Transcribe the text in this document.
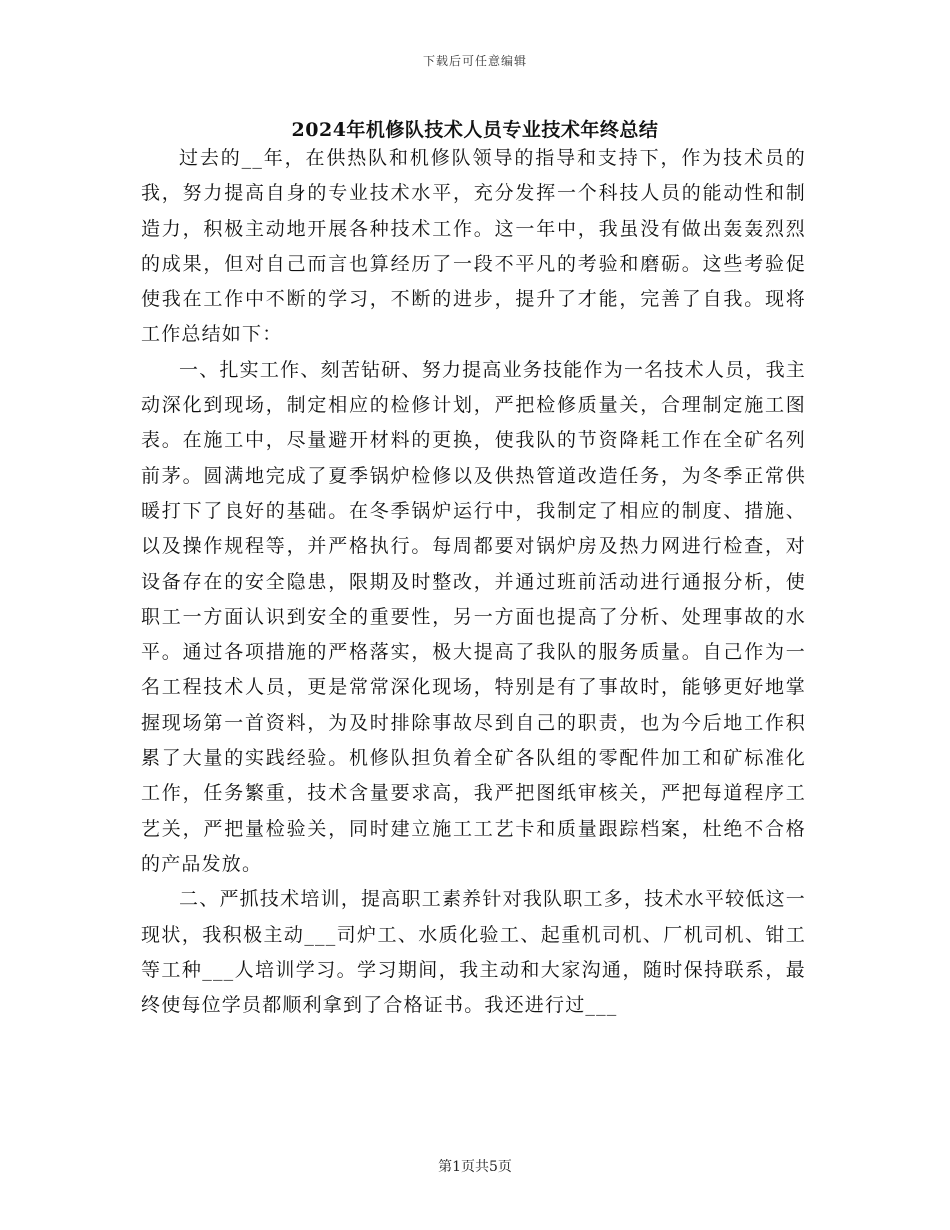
下载后可任意编辑
2024年机修队技术人员专业技术年终总结

过去的__年，在供热队和机修队领导的指导和支持下，作为技术员的我，努力提高自身的专业技术水平，充分发挥一个科技人员的能动性和制造力，积极主动地开展各种技术工作。这一年中，我虽没有做出轰轰烈烈的成果，但对自己而言也算经历了一段不平凡的考验和磨砺。这些考验促使我在工作中不断的学习，不断的进步，提升了才能，完善了自我。现将工作总结如下：

一、扎实工作、刻苦钻研、努力提高业务技能作为一名技术人员，我主动深化到现场，制定相应的检修计划，严把检修质量关，合理制定施工图表。在施工中，尽量避开材料的更换，使我队的节资降耗工作在全矿名列前茅。圆满地完成了夏季锅炉检修以及供热管道改造任务，为冬季正常供暖打下了良好的基础。在冬季锅炉运行中，我制定了相应的制度、措施、以及操作规程等，并严格执行。每周都要对锅炉房及热力网进行检查，对设备存在的安全隐患，限期及时整改，并通过班前活动进行通报分析，使职工一方面认识到安全的重要性，另一方面也提高了分析、处理事故的水平。通过各项措施的严格落实，极大提高了我队的服务质量。自己作为一名工程技术人员，更是常常深化现场，特别是有了事故时，能够更好地掌握现场第一首资料，为及时排除事故尽到自己的职责，也为今后地工作积累了大量的实践经验。机修队担负着全矿各队组的零配件加工和矿标准化工作，任务繁重，技术含量要求高，我严把图纸审核关，严把每道程序工艺关，严把量检验关，同时建立施工工艺卡和质量跟踪档案，杜绝不合格的产品发放。

二、严抓技术培训，提高职工素养针对我队职工多，技术水平较低这一现状，我积极主动___司炉工、水质化验工、起重机司机、厂机司机、钳工等工种___人培训学习。学习期间，我主动和大家沟通，随时保持联系，最终使每位学员都顺利拿到了合格证书。我还进行过___

第1页共5页
